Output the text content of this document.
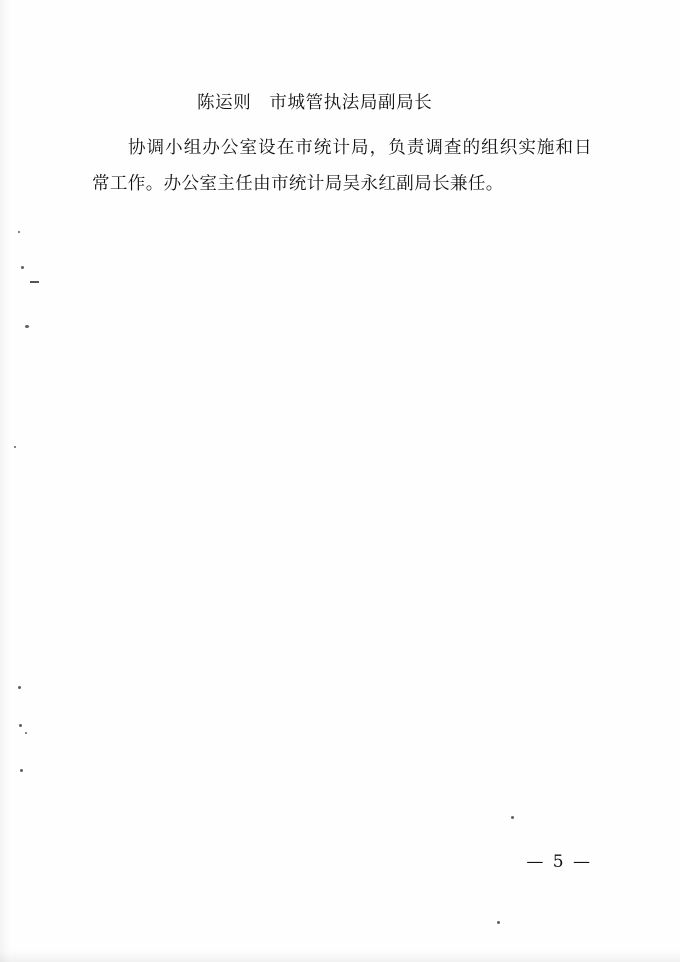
陈运则　市城管执法局副局长
协调小组办公室设在市统计局，负责调查的组织实施和日常工作。办公室主任由市统计局吴永红副局长兼任。
— 5 —
